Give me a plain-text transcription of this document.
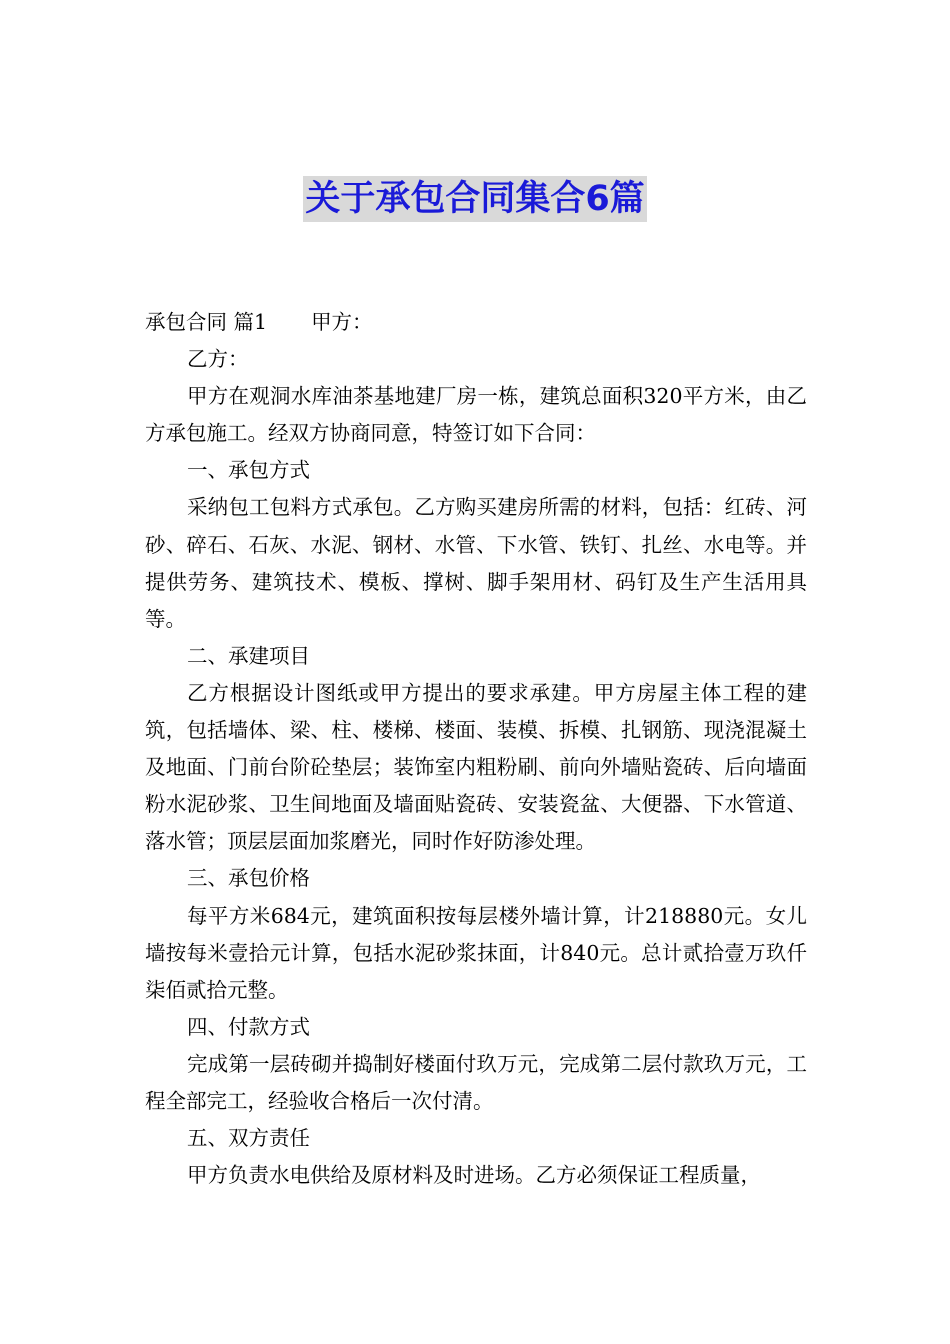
关于承包合同集合6篇

承包合同 篇1 甲方：

乙方：

甲方在观洞水库油茶基地建厂房一栋，建筑总面积320平方米，由乙方承包施工。经双方协商同意，特签订如下合同：

一、承包方式

采纳包工包料方式承包。乙方购买建房所需的材料，包括：红砖、河砂、碎石、石灰、水泥、钢材、水管、下水管、铁钉、扎丝、水电等。并提供劳务、建筑技术、模板、撑树、脚手架用材、码钉及生产生活用具等。

二、承建项目

乙方根据设计图纸或甲方提出的要求承建。甲方房屋主体工程的建筑，包括墙体、梁、柱、楼梯、楼面、装模、拆模、扎钢筋、现浇混凝土及地面、门前台阶砼垫层；装饰室内粗粉刷、前向外墙贴瓷砖、后向墙面粉水泥砂浆、卫生间地面及墙面贴瓷砖、安装瓷盆、大便器、下水管道、落水管；顶层层面加浆磨光，同时作好防渗处理。

三、承包价格

每平方米684元，建筑面积按每层楼外墙计算，计218880元。女儿墙按每米壹拾元计算，包括水泥砂浆抹面，计840元。总计贰拾壹万玖仟柒佰贰拾元整。

四、付款方式

完成第一层砖砌并捣制好楼面付玖万元，完成第二层付款玖万元，工程全部完工，经验收合格后一次付清。

五、双方责任

甲方负责水电供给及原材料及时进场。乙方必须保证工程质量，
